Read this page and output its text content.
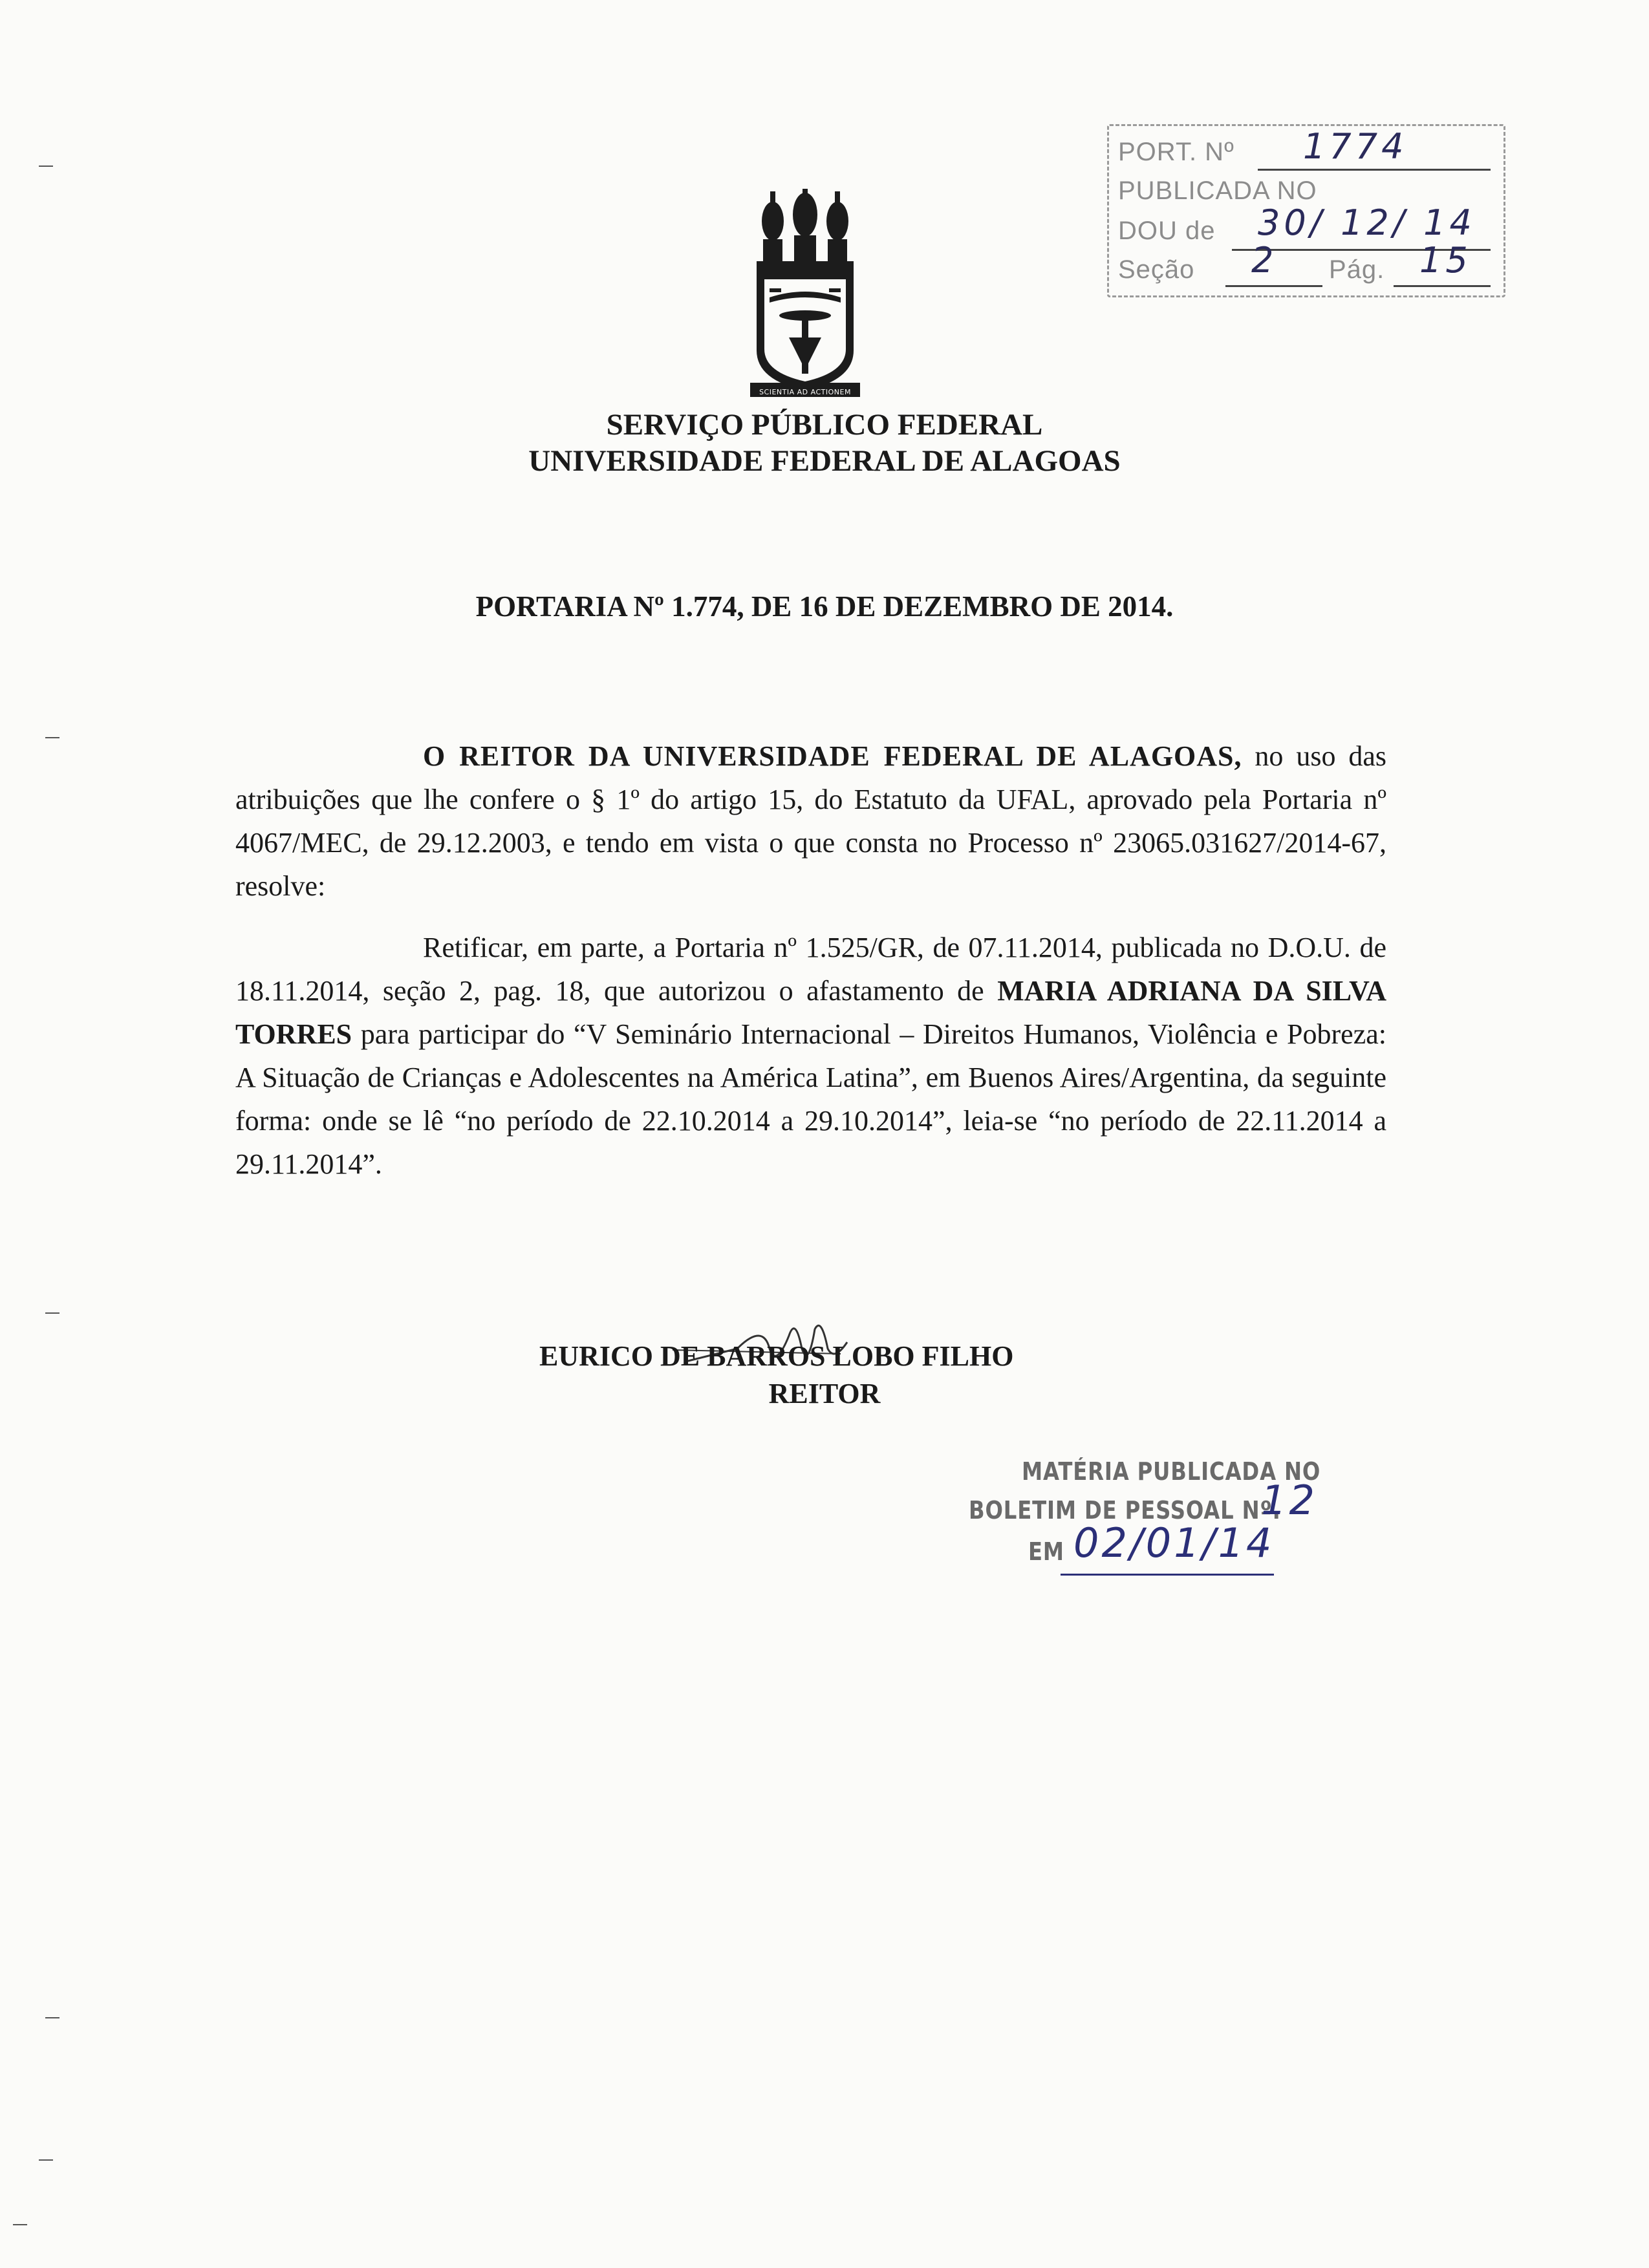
PORT. Nº 1774
PUBLICADA NO
DOU de 30/ 12/ 14
Seção 2 Pág. 15
SCIENTIA AD ACTIONEM
SERVIÇO PÚBLICO FEDERAL
UNIVERSIDADE FEDERAL DE ALAGOAS
PORTARIA Nº 1.774, DE 16 DE DEZEMBRO DE 2014.
O REITOR DA UNIVERSIDADE FEDERAL DE ALAGOAS, no uso das atribuições que lhe confere o § 1º do artigo 15, do Estatuto da UFAL, aprovado pela Portaria nº 4067/MEC, de 29.12.2003, e tendo em vista o que consta no Processo nº 23065.031627/2014-67, resolve:
Retificar, em parte, a Portaria nº 1.525/GR, de 07.11.2014, publicada no D.O.U. de 18.11.2014, seção 2, pag. 18, que autorizou o afastamento de MARIA ADRIANA DA SILVA TORRES para participar do “V Seminário Internacional – Direitos Humanos, Violência e Pobreza: A Situação de Crianças e Adolescentes na América Latina”, em Buenos Aires/Argentina, da seguinte forma: onde se lê “no período de 22.10.2014 a 29.10.2014”, leia-se “no período de 22.11.2014 a 29.11.2014”.
EURICO DE BARROS LOBO FILHO
REITOR
MATÉRIA PUBLICADA NO
BOLETIM DE PESSOAL Nº.
12
EM 02/01/14
